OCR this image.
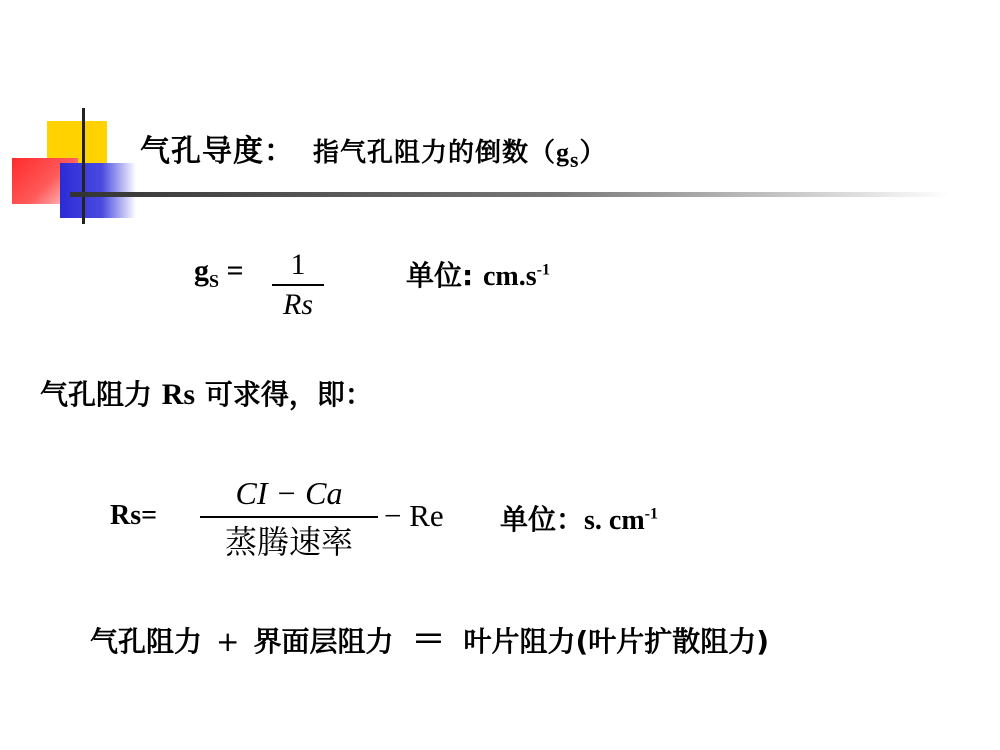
气孔导度： 指气孔阻力的倒数$(g_s)$
$g_S$ =	1
Rs
单位: $cm.s^{-1}$
气孔阻力 Rs 可求得，即：
Rs=
CI − Ca
蒸腾速率
− Re 单位：s. $cm^{-1}$
气孔阻力 + 界面层阻力 ＝ 叶片阻力(叶片扩散阻力)
